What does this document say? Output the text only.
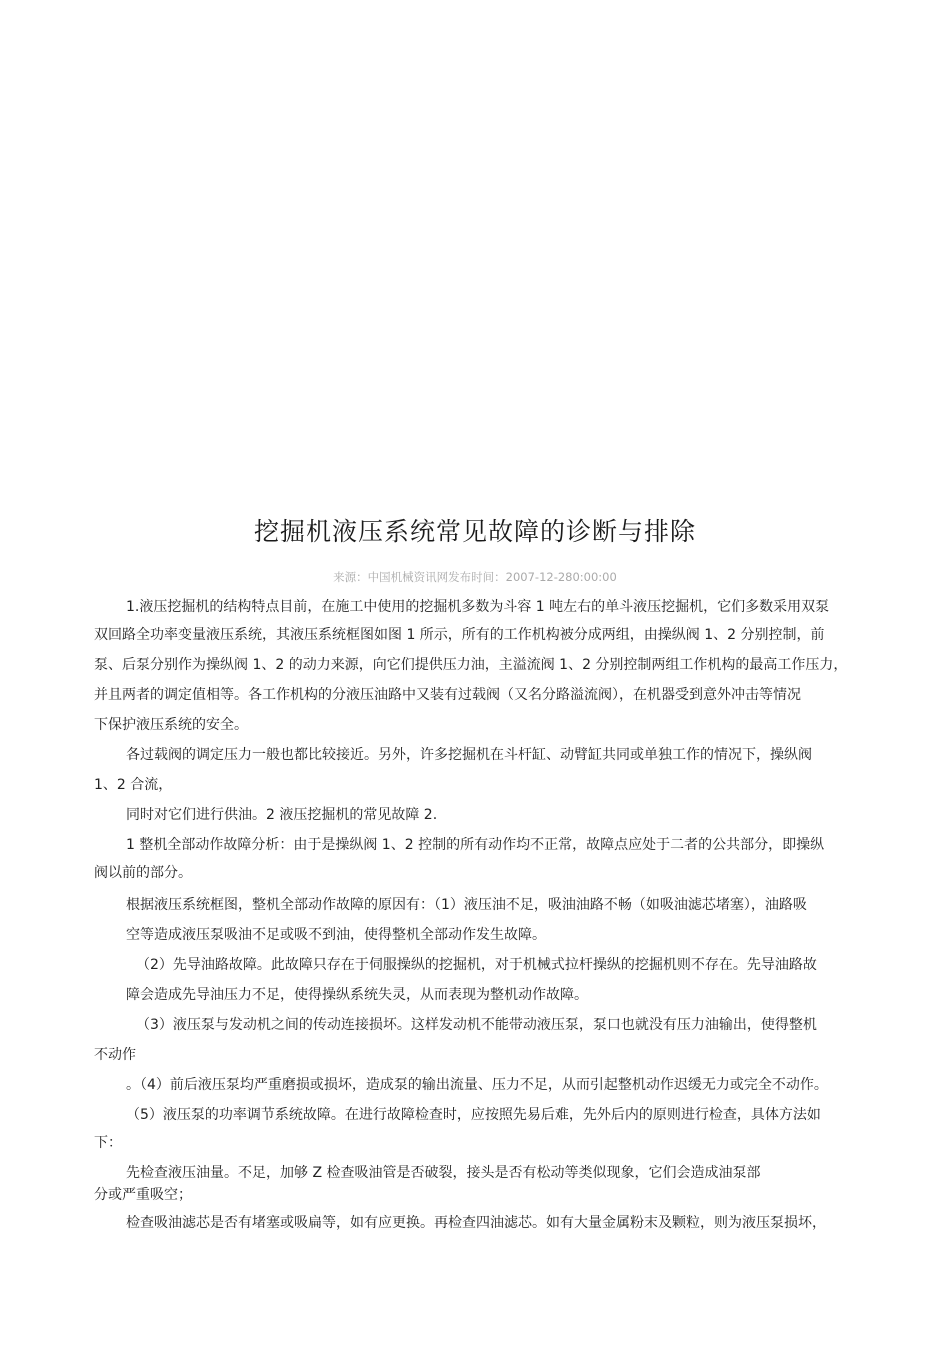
挖掘机液压系统常见故障的诊断与排除
来源：中国机械资讯网发布时间：2007-12-280:00:00
1.液压挖掘机的结构特点目前，在施工中使用的挖掘机多数为斗容 1 吨左右的单斗液压挖掘机，它们多数采用双泵
双回路全功率变量液压系统，其液压系统框图如图 1 所示，所有的工作机构被分成两组，由操纵阀 1、2 分别控制，前
泵、后泵分别作为操纵阀 1、2 的动力来源，向它们提供压力油，主溢流阀 1、2 分别控制两组工作机构的最高工作压力，
并且两者的调定值相等。各工作机构的分液压油路中又装有过载阀（又名分路溢流阀），在机器受到意外冲击等情况
下保护液压系统的安全。
各过载阀的调定压力一般也都比较接近。另外，许多挖掘机在斗杆缸、动臂缸共同或单独工作的情况下，操纵阀
1、2 合流，
同时对它们进行供油。2 液压挖掘机的常见故障 2.
1 整机全部动作故障分析：由于是操纵阀 1、2 控制的所有动作均不正常，故障点应处于二者的公共部分，即操纵
阀以前的部分。
根据液压系统框图，整机全部动作故障的原因有：（1）液压油不足，吸油油路不畅（如吸油滤芯堵塞），油路吸
空等造成液压泵吸油不足或吸不到油，使得整机全部动作发生故障。
（2）先导油路故障。此故障只存在于伺服操纵的挖掘机，对于机械式拉杆操纵的挖掘机则不存在。先导油路故
障会造成先导油压力不足，使得操纵系统失灵，从而表现为整机动作故障。
（3）液压泵与发动机之间的传动连接损坏。这样发动机不能带动液压泵，泵口也就没有压力油输出，使得整机
不动作
。（4）前后液压泵均严重磨损或损坏，造成泵的输出流量、压力不足，从而引起整机动作迟缓无力或完全不动作。
（5）液压泵的功率调节系统故障。在进行故障检查时，应按照先易后难，先外后内的原则进行检查，具体方法如
下：
先检查液压油量。不足，加够 Z 检查吸油管是否破裂，接头是否有松动等类似现象，它们会造成油泵部
分或严重吸空；
检查吸油滤芯是否有堵塞或吸扁等，如有应更换。再检查四油滤芯。如有大量金属粉末及颗粒，则为液压泵损坏，
